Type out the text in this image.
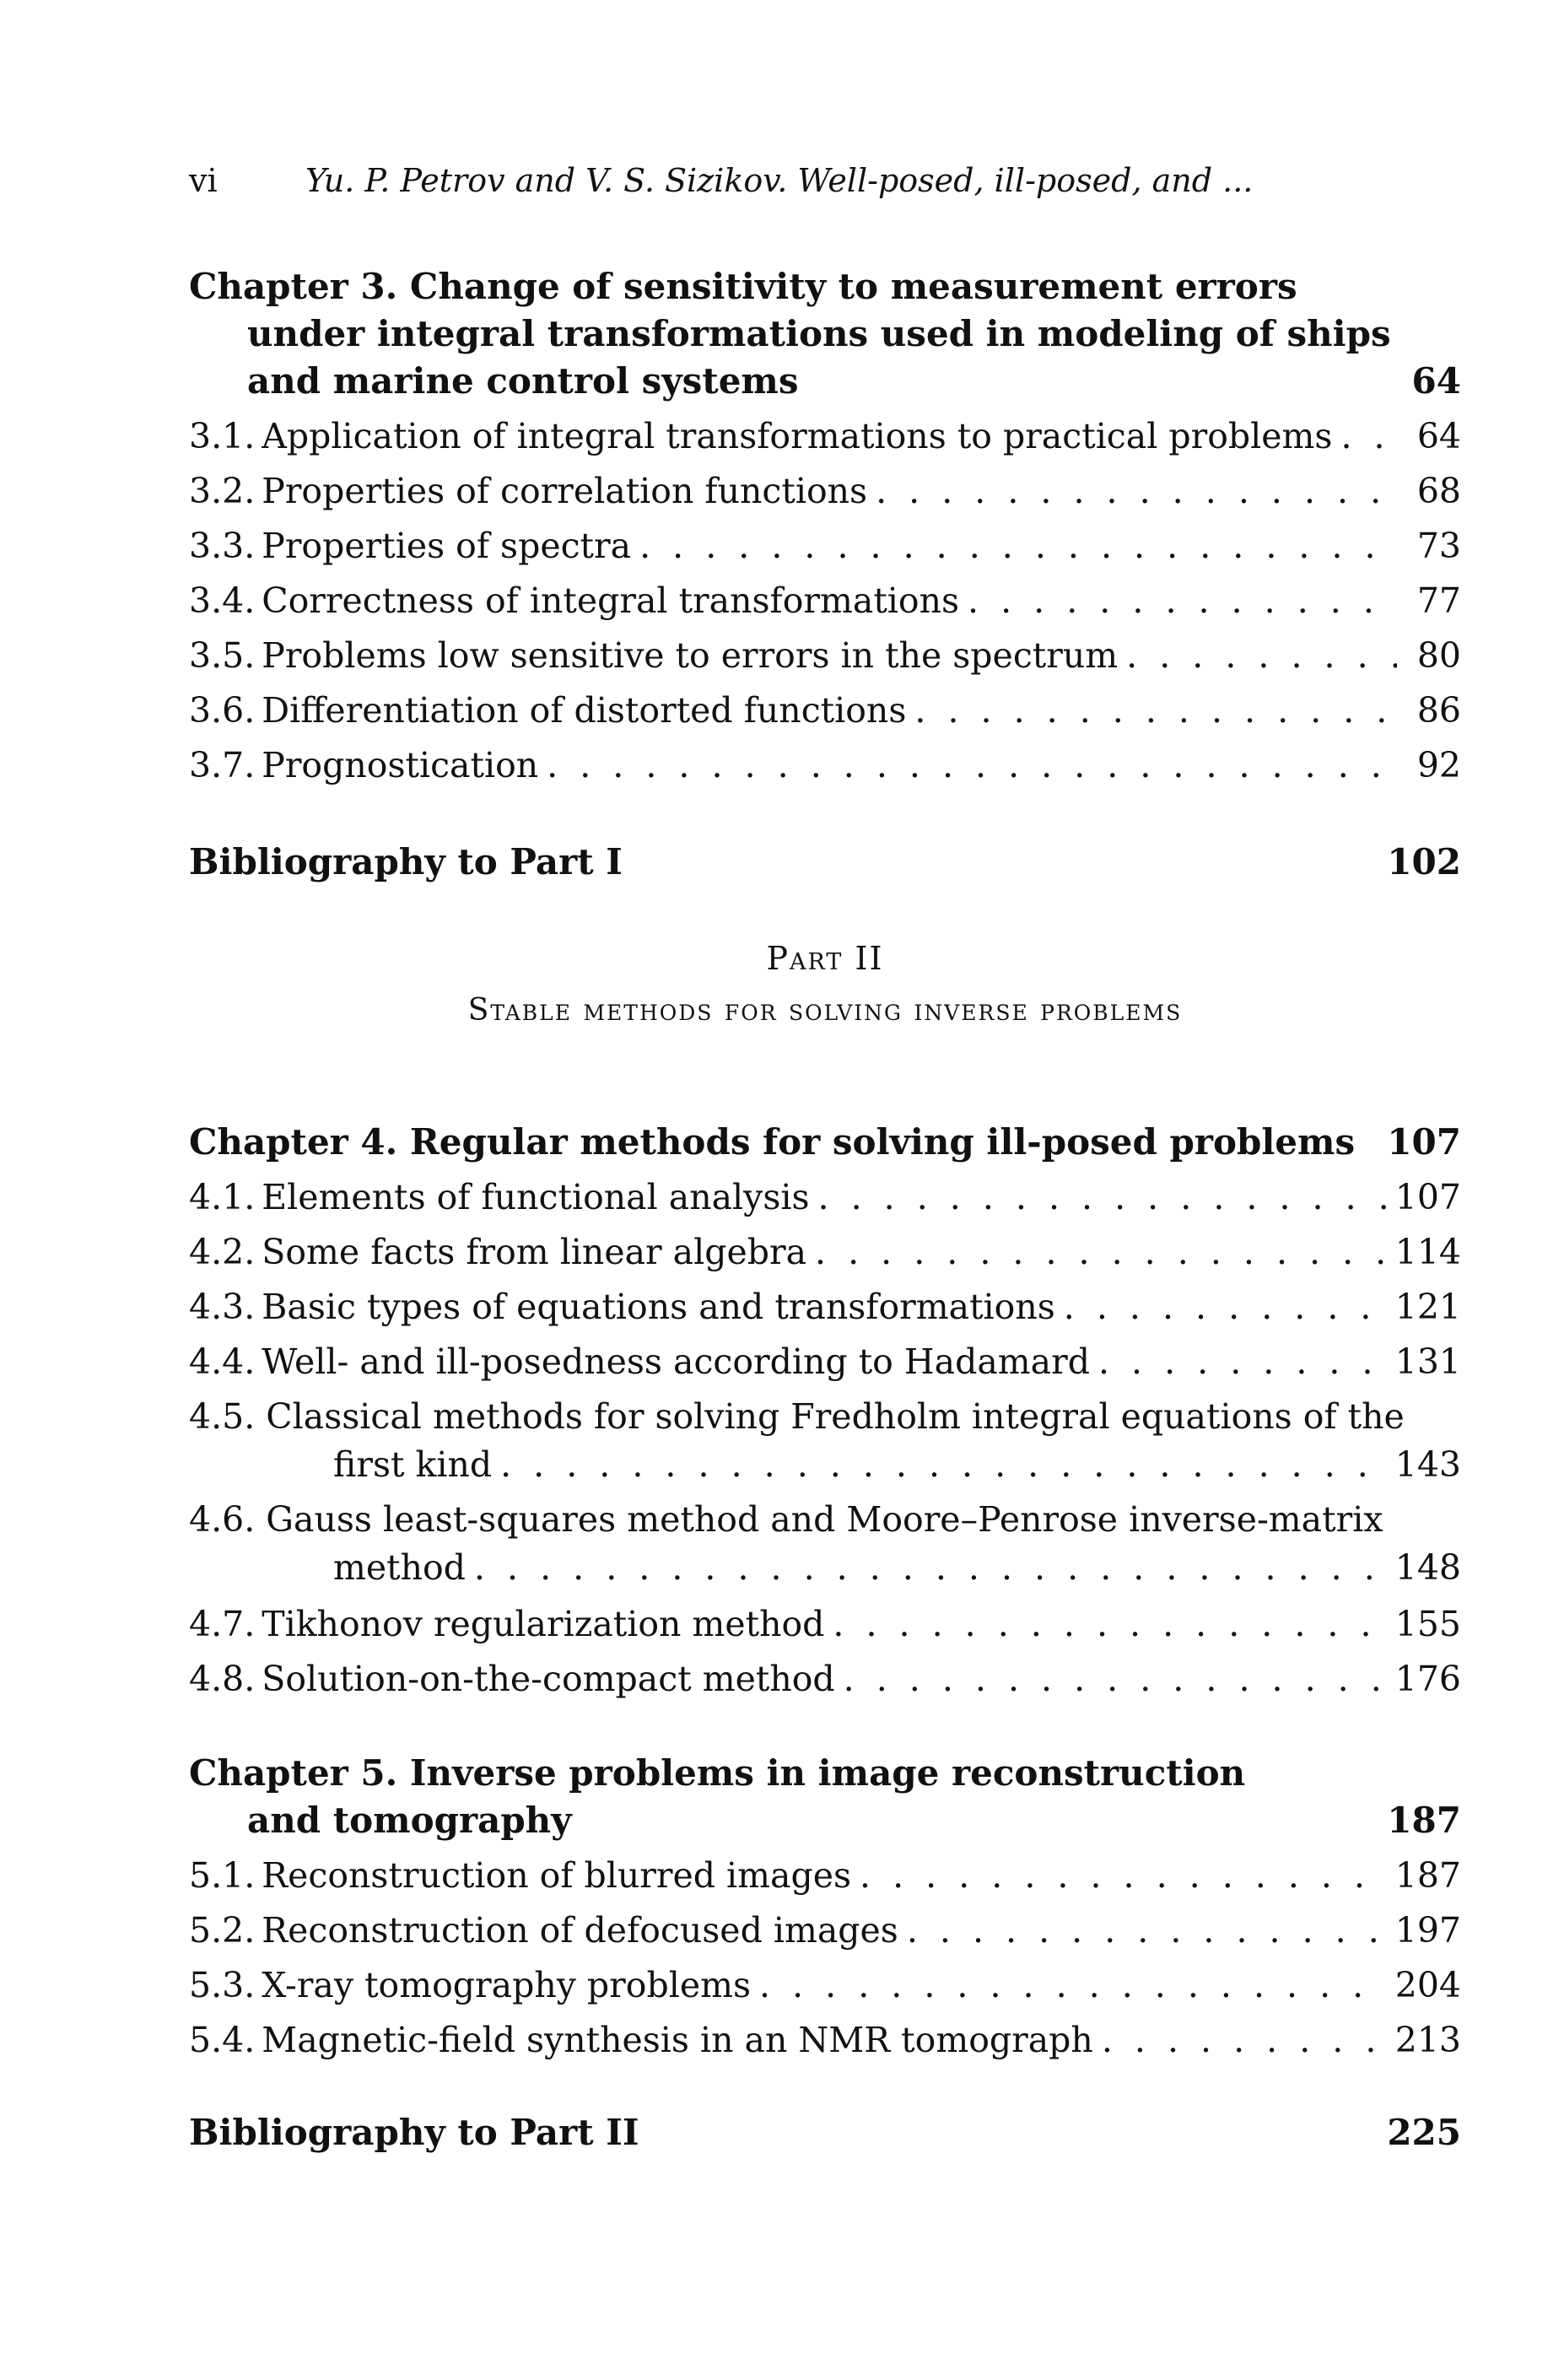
vi	Yu. P. Petrov and V. S. Sizikov. Well-posed, ill-posed, and ...
Chapter 3. Change of sensitivity to measurement errors
under integral transformations used in modeling of ships
and marine control systems	64
3.1. Application of integral transformations to practical problems . . .	64
3.2. Properties of correlation functions . . .	68
3.3. Properties of spectra . . .	73
3.4. Correctness of integral transformations . . .	77
3.5. Problems low sensitive to errors in the spectrum . . .	80
3.6. Differentiation of distorted functions . . .	86
3.7. Prognostication . . .	92
Bibliography to Part I	102
Part II
Stable methods for solving inverse problems
Chapter 4. Regular methods for solving ill-posed problems 107
4.1. Elements of functional analysis . . .	107
4.2. Some facts from linear algebra . . .	114
4.3. Basic types of equations and transformations . . .	121
4.4. Well- and ill-posedness according to Hadamard . . .	131
4.5. Classical methods for solving Fredholm integral equations of the
first kind . . .	143
4.6. Gauss least-squares method and Moore–Penrose inverse-matrix
method . . .	148
4.7. Tikhonov regularization method . . .	155
4.8. Solution-on-the-compact method . . .	176
Chapter 5. Inverse problems in image reconstruction
and tomography	187
5.1. Reconstruction of blurred images . . .	187
5.2. Reconstruction of defocused images . . .	197
5.3. X-ray tomography problems . . .	204
5.4. Magnetic-field synthesis in an NMR tomograph . . .	213
Bibliography to Part II	225
